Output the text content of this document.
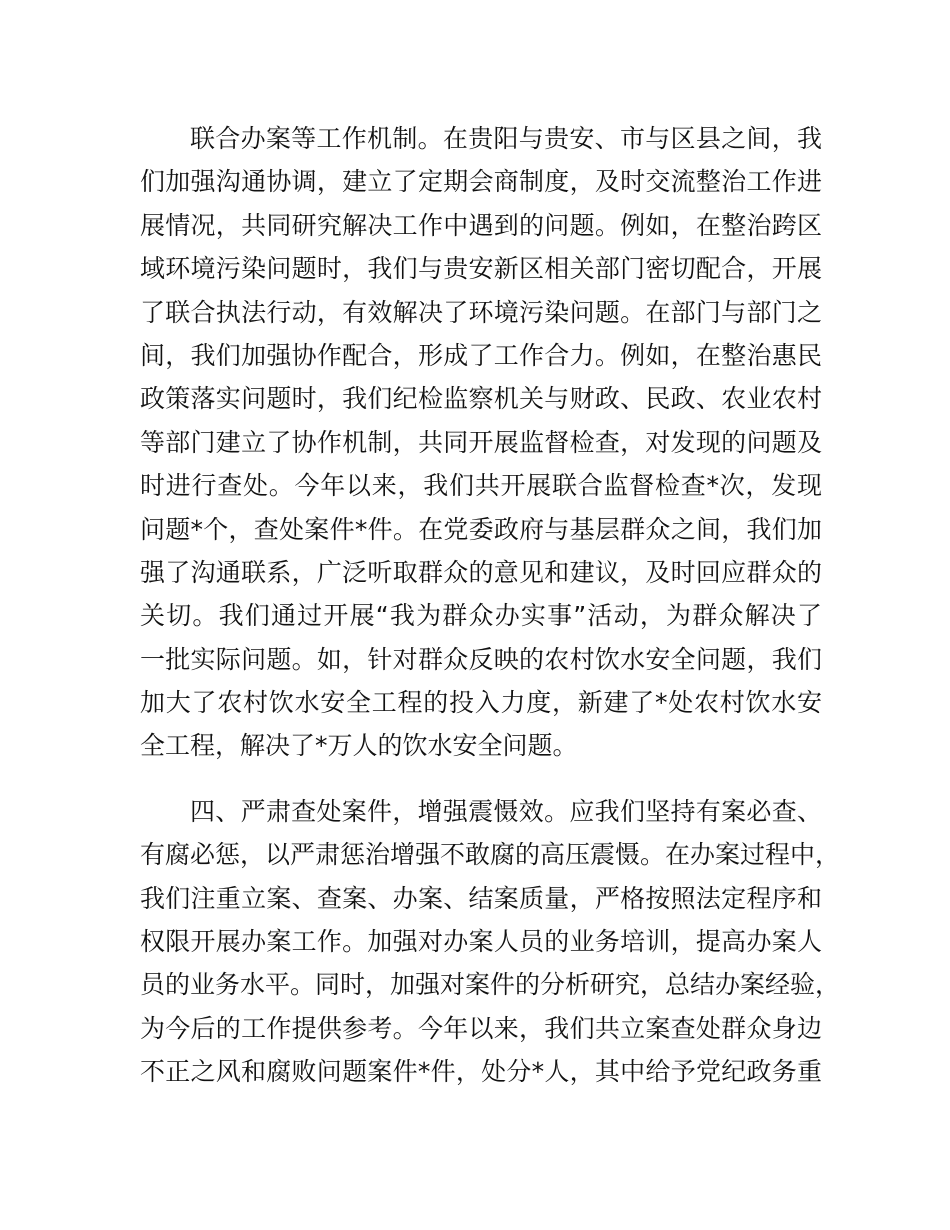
联合办案等工作机制。在贵阳与贵安、市与区县之间，我
们加强沟通协调，建立了定期会商制度，及时交流整治工作进
展情况，共同研究解决工作中遇到的问题。例如，在整治跨区
域环境污染问题时，我们与贵安新区相关部门密切配合，开展
了联合执法行动，有效解决了环境污染问题。在部门与部门之
间，我们加强协作配合，形成了工作合力。例如，在整治惠民
政策落实问题时，我们纪检监察机关与财政、民政、农业农村
等部门建立了协作机制，共同开展监督检查，对发现的问题及
时进行查处。今年以来，我们共开展联合监督检查*次，发现
问题*个，查处案件*件。在党委政府与基层群众之间，我们加
强了沟通联系，广泛听取群众的意见和建议，及时回应群众的
关切。我们通过开展“我为群众办实事”活动，为群众解决了
一批实际问题。如，针对群众反映的农村饮水安全问题，我们
加大了农村饮水安全工程的投入力度，新建了*处农村饮水安
全工程，解决了*万人的饮水安全问题。
四、严肃查处案件，增强震慑效。应我们坚持有案必查、
有腐必惩，以严肃惩治增强不敢腐的高压震慑。在办案过程中，
我们注重立案、查案、办案、结案质量，严格按照法定程序和
权限开展办案工作。加强对办案人员的业务培训，提高办案人
员的业务水平。同时，加强对案件的分析研究，总结办案经验，
为今后的工作提供参考。今年以来，我们共立案查处群众身边
不正之风和腐败问题案件*件，处分*人，其中给予党纪政务重
